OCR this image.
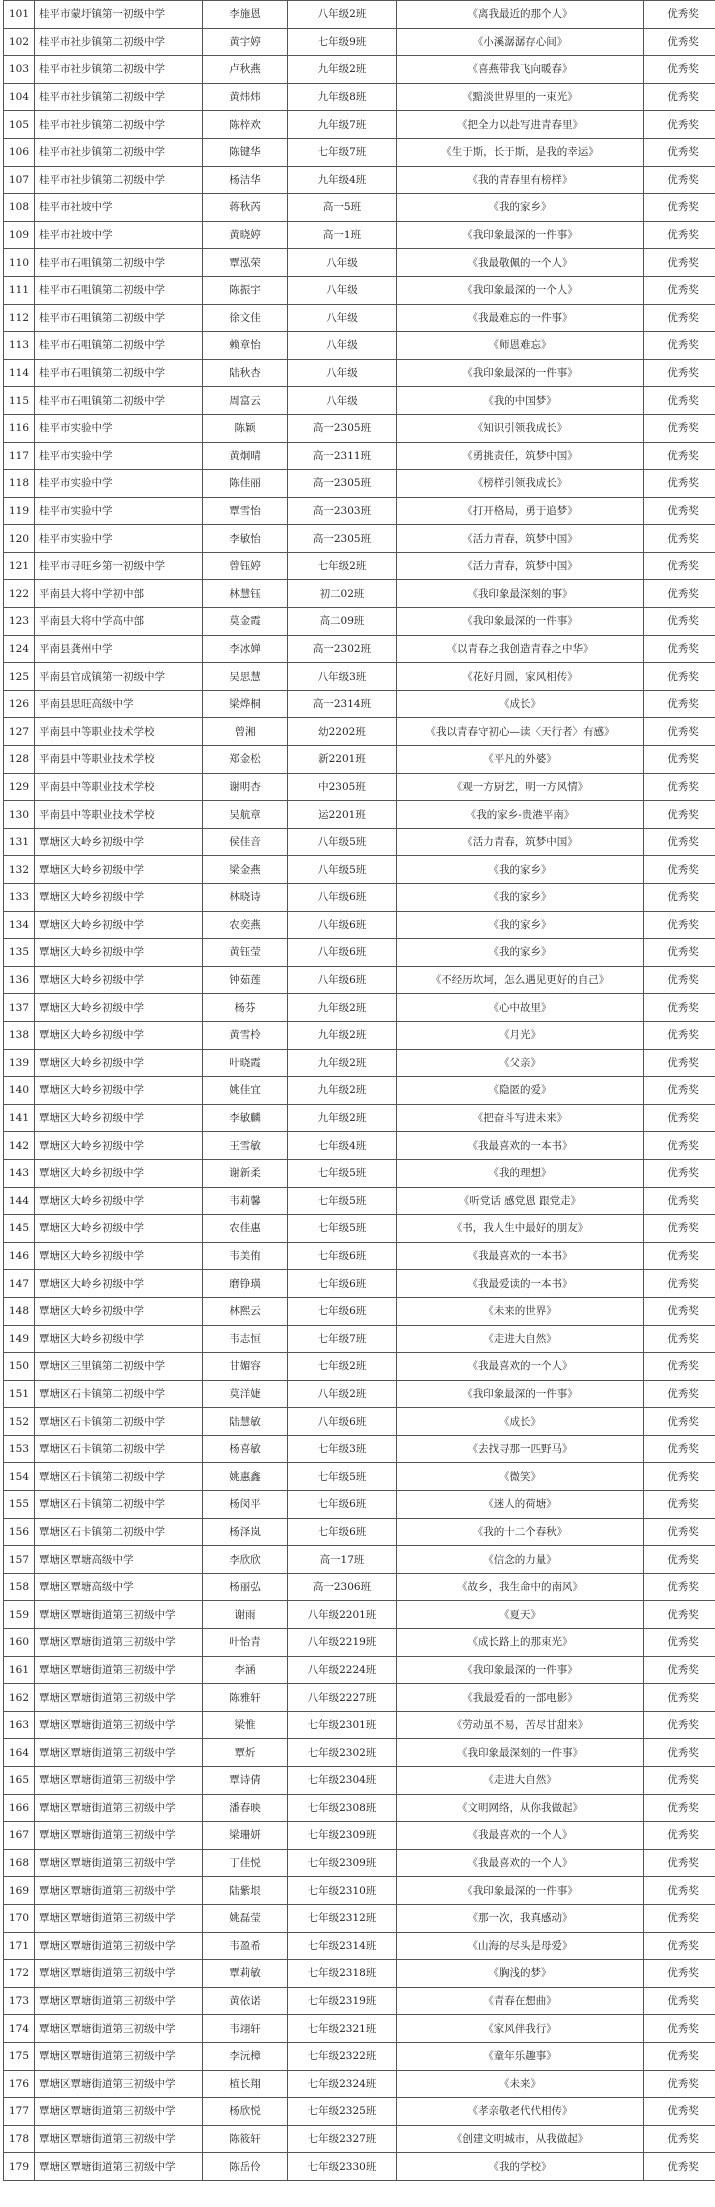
101	桂平市蒙圩镇第一初级中学	李施恩	八年级2班	《离我最近的那个人》	优秀奖
102	桂平市社步镇第二初级中学	黄宇婷	七年级9班	《小溪潺潺存心间》	优秀奖
103	桂平市社步镇第二初级中学	卢秋燕	九年级2班	《喜燕带我飞向暖春》	优秀奖
104	桂平市社步镇第二初级中学	黄炜炜	九年级8班	《黯淡世界里的一束光》	优秀奖
105	桂平市社步镇第二初级中学	陈梓欢	九年级7班	《把全力以赴写进青春里》	优秀奖
106	桂平市社步镇第二初级中学	陈键华	七年级7班	《生于斯，长于斯，是我的幸运》	优秀奖
107	桂平市社步镇第二初级中学	杨洁华	九年级4班	《我的青春里有榜样》	优秀奖
108	桂平市社坡中学	蒋秋芮	高一5班	《我的家乡》	优秀奖
109	桂平市社坡中学	黄晓婷	高一1班	《我印象最深的一件事》	优秀奖
110	桂平市石咀镇第二初级中学	覃泓荣	八年级	《我最敬佩的一个人》	优秀奖
111	桂平市石咀镇第二初级中学	陈振宇	八年级	《我印象最深的一个人》	优秀奖
112	桂平市石咀镇第二初级中学	徐文佳	八年级	《我最难忘的一件事》	优秀奖
113	桂平市石咀镇第二初级中学	赖章怡	八年级	《师恩难忘》	优秀奖
114	桂平市石咀镇第二初级中学	陆秋杏	八年级	《我印象最深的一件事》	优秀奖
115	桂平市石咀镇第二初级中学	周富云	八年级	《我的中国梦》	优秀奖
116	桂平市实验中学	陈颖	高一2305班	《知识引领我成长》	优秀奖
117	桂平市实验中学	黄炯晴	高一2311班	《勇挑责任，筑梦中国》	优秀奖
118	桂平市实验中学	陈佳丽	高一2305班	《榜样引领我成长》	优秀奖
119	桂平市实验中学	覃雪怡	高一2303班	《打开格局，勇于追梦》	优秀奖
120	桂平市实验中学	李敏怡	高一2305班	《活力青春，筑梦中国》	优秀奖
121	桂平市寻旺乡第一初级中学	曾钰婷	七年级2班	《活力青春，筑梦中国》	优秀奖
122	平南县大将中学初中部	林慧钰	初二02班	《我印象最深刻的事》	优秀奖
123	平南县大将中学高中部	莫金霞	高二09班	《我印象最深的一件事》	优秀奖
124	平南县龚州中学	李冰婵	高一2302班	《以青春之我创造青春之中华》	优秀奖
125	平南县官成镇第一初级中学	吴思慧	八年级3班	《花好月圆，家风相传》	优秀奖
126	平南县思旺高级中学	梁烨桐	高一2314班	《成长》	优秀奖
127	平南县中等职业技术学校	曾湘	幼2202班	《我以青春守初心—读〈天行者〉有感》	优秀奖
128	平南县中等职业技术学校	郑金松	新2201班	《平凡的外婆》	优秀奖
129	平南县中等职业技术学校	谢明杏	中2305班	《观一方厨艺，明一方风情》	优秀奖
130	平南县中等职业技术学校	吴航章	运2201班	《我的家乡-贵港平南》	优秀奖
131	覃塘区大岭乡初级中学	侯佳音	八年级5班	《活力青春，筑梦中国》	优秀奖
132	覃塘区大岭乡初级中学	梁金燕	八年级5班	《我的家乡》	优秀奖
133	覃塘区大岭乡初级中学	林晓诗	八年级6班	《我的家乡》	优秀奖
134	覃塘区大岭乡初级中学	农奕燕	八年级6班	《我的家乡》	优秀奖
135	覃塘区大岭乡初级中学	黄钰莹	八年级6班	《我的家乡》	优秀奖
136	覃塘区大岭乡初级中学	钟茹莲	八年级6班	《不经历坎坷，怎么遇见更好的自己》	优秀奖
137	覃塘区大岭乡初级中学	杨芬	九年级2班	《心中故里》	优秀奖
138	覃塘区大岭乡初级中学	黄雪柃	九年级2班	《月光》	优秀奖
139	覃塘区大岭乡初级中学	叶晓霞	九年级2班	《父亲》	优秀奖
140	覃塘区大岭乡初级中学	姚佳宜	九年级2班	《隐匿的爱》	优秀奖
141	覃塘区大岭乡初级中学	李敏麟	九年级2班	《把奋斗写进未来》	优秀奖
142	覃塘区大岭乡初级中学	王雪敏	七年级4班	《我最喜欢的一本书》	优秀奖
143	覃塘区大岭乡初级中学	谢新柔	七年级5班	《我的理想》	优秀奖
144	覃塘区大岭乡初级中学	韦莉馨	七年级5班	《听党话 感党恩 跟党走》	优秀奖
145	覃塘区大岭乡初级中学	农佳惠	七年级5班	《书，我人生中最好的朋友》	优秀奖
146	覃塘区大岭乡初级中学	韦美侑	七年级6班	《我最喜欢的一本书》	优秀奖
147	覃塘区大岭乡初级中学	磨铮璜	七年级6班	《我最爱读的一本书》	优秀奖
148	覃塘区大岭乡初级中学	林熙云	七年级6班	《未来的世界》	优秀奖
149	覃塘区大岭乡初级中学	韦志恒	七年级7班	《走进大自然》	优秀奖
150	覃塘区三里镇第二初级中学	甘媚容	七年级2班	《我最喜欢的一个人》	优秀奖
151	覃塘区石卡镇第二初级中学	莫洋婕	八年级2班	《我印象最深的一件事》	优秀奖
152	覃塘区石卡镇第二初级中学	陆慧敏	八年级6班	《成长》	优秀奖
153	覃塘区石卡镇第二初级中学	杨喜敏	七年级3班	《去找寻那一匹野马》	优秀奖
154	覃塘区石卡镇第二初级中学	姚惠鑫	七年级5班	《微笑》	优秀奖
155	覃塘区石卡镇第二初级中学	杨闵平	七年级6班	《迷人的荷塘》	优秀奖
156	覃塘区石卡镇第二初级中学	杨泽岚	七年级6班	《我的十二个春秋》	优秀奖
157	覃塘区覃塘高级中学	李欣欣	高一17班	《信念的力量》	优秀奖
158	覃塘区覃塘高级中学	杨丽弘	高一2306班	《故乡，我生命中的南风》	优秀奖
159	覃塘区覃塘街道第三初级中学	谢雨	八年级2201班	《夏天》	优秀奖
160	覃塘区覃塘街道第三初级中学	叶怡青	八年级2219班	《成长路上的那束光》	优秀奖
161	覃塘区覃塘街道第三初级中学	李涵	八年级2224班	《我印象最深的一件事》	优秀奖
162	覃塘区覃塘街道第三初级中学	陈雅轩	八年级2227班	《我最爱看的一部电影》	优秀奖
163	覃塘区覃塘街道第三初级中学	梁惟	七年级2301班	《劳动虽不易，苦尽甘甜来》	优秀奖
164	覃塘区覃塘街道第三初级中学	覃炘	七年级2302班	《我印象最深刻的一件事》	优秀奖
165	覃塘区覃塘街道第三初级中学	覃诗倩	七年级2304班	《走进大自然》	优秀奖
166	覃塘区覃塘街道第三初级中学	潘春映	七年级2308班	《文明网络，从你我做起》	优秀奖
167	覃塘区覃塘街道第三初级中学	梁珊妍	七年级2309班	《我最喜欢的一个人》	优秀奖
168	覃塘区覃塘街道第三初级中学	丁佳悦	七年级2309班	《我最喜欢的一个人》	优秀奖
169	覃塘区覃塘街道第三初级中学	陆紫垠	七年级2310班	《我印象最深的一件事》	优秀奖
170	覃塘区覃塘街道第三初级中学	姚磊莹	七年级2312班	《那一次，我真感动》	优秀奖
171	覃塘区覃塘街道第三初级中学	韦盈希	七年级2314班	《山海的尽头是母爱》	优秀奖
172	覃塘区覃塘街道第三初级中学	覃莉敏	七年级2318班	《胸浅的梦》	优秀奖
173	覃塘区覃塘街道第三初级中学	黄依诺	七年级2319班	《青春在想曲》	优秀奖
174	覃塘区覃塘街道第三初级中学	韦翊轩	七年级2321班	《家风伴我行》	优秀奖
175	覃塘区覃塘街道第三初级中学	李沅樟	七年级2322班	《童年乐趣事》	优秀奖
176	覃塘区覃塘街道第三初级中学	植长翔	七年级2324班	《未来》	优秀奖
177	覃塘区覃塘街道第三初级中学	杨欣悦	七年级2325班	《孝亲敬老代代相传》	优秀奖
178	覃塘区覃塘街道第三初级中学	陈筱轩	七年级2327班	《创建文明城市，从我做起》	优秀奖
179	覃塘区覃塘街道第三初级中学	陈岳伶	七年级2330班	《我的学校》	优秀奖
